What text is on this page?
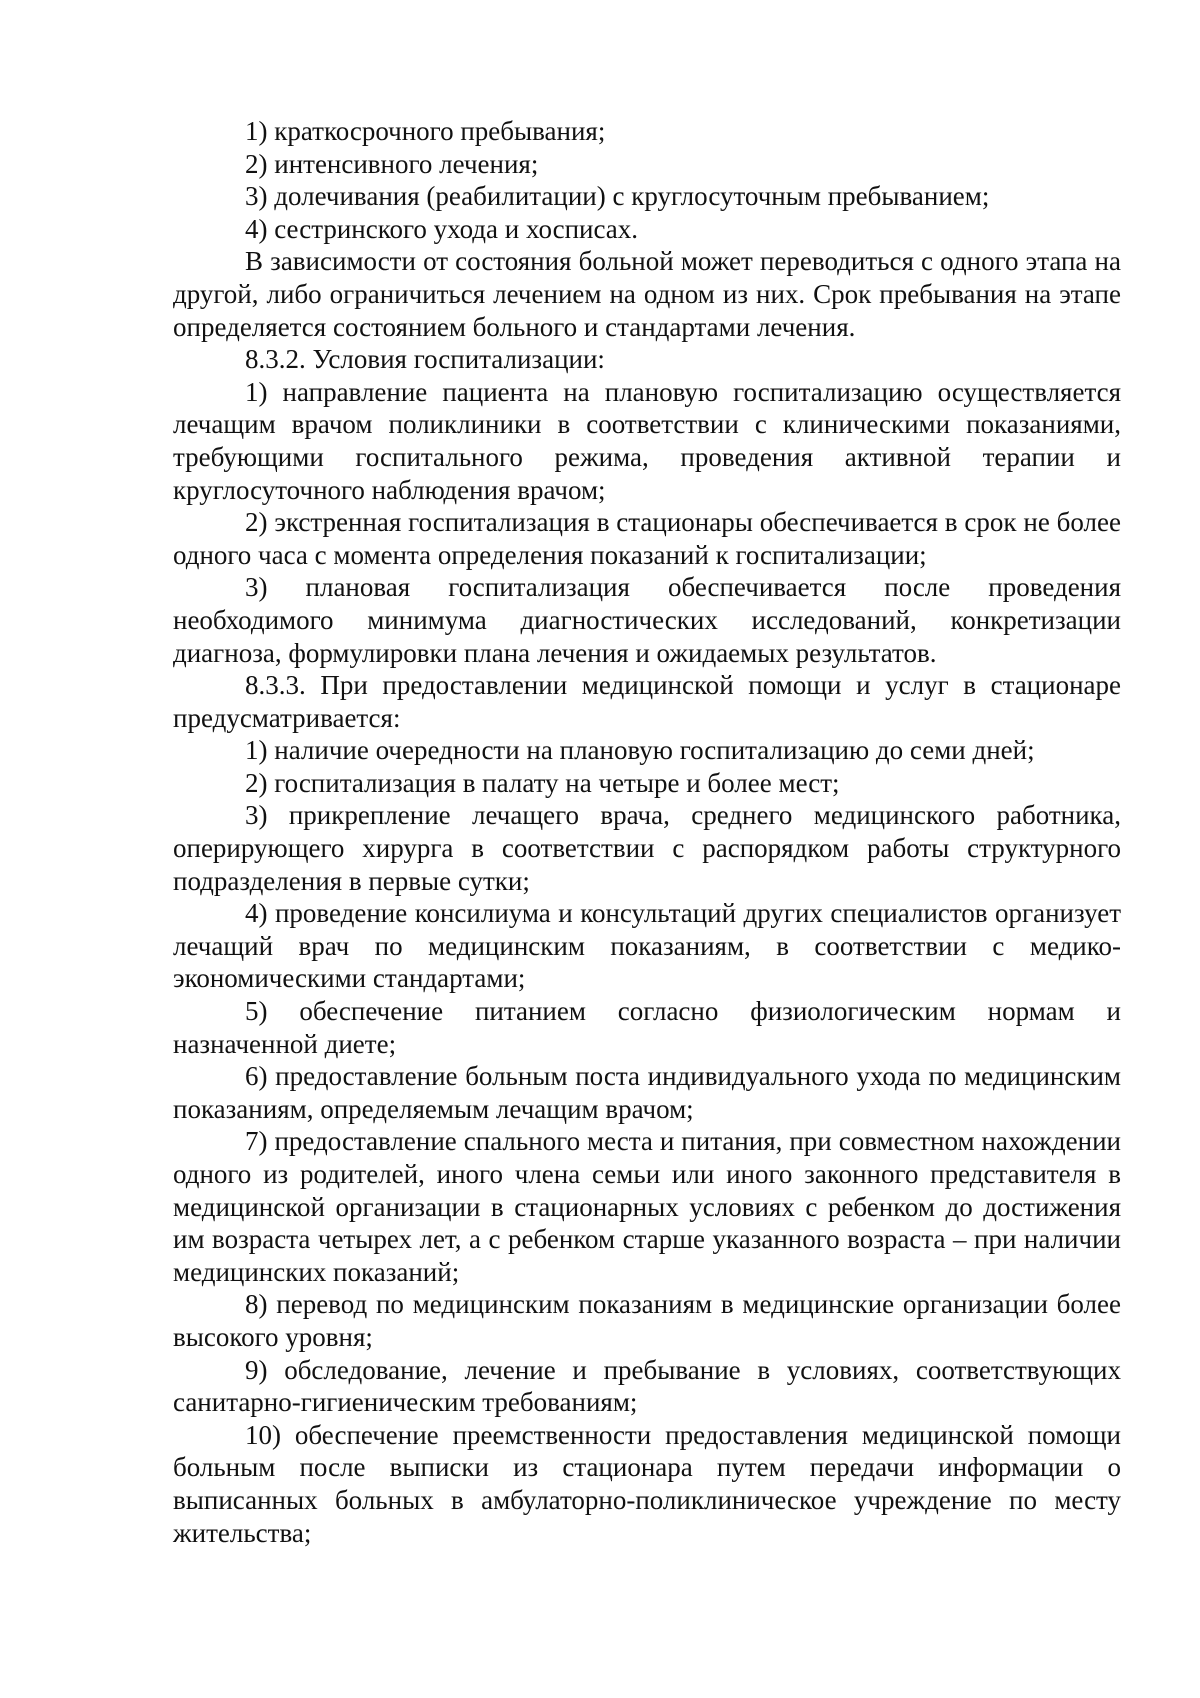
1) краткосрочного пребывания;

2) интенсивного лечения;

3) долечивания (реабилитации) с круглосуточным пребыванием;

4) сестринского ухода и хосписах.

В зависимости от состояния больной может переводиться с одного этапа на другой, либо ограничиться лечением на одном из них. Срок пребывания на этапе определяется состоянием больного и стандартами лечения.

8.3.2. Условия госпитализации:

1) направление пациента на плановую госпитализацию осуществляется лечащим врачом поликлиники в соответствии с клиническими показаниями, требующими госпитального режима, проведения активной терапии и круглосуточного наблюдения врачом;

2) экстренная госпитализация в стационары обеспечивается в срок не более одного часа с момента определения показаний к госпитализации;

3) плановая госпитализация обеспечивается после проведения необходимого минимума диагностических исследований, конкретизации диагноза, формулировки плана лечения и ожидаемых результатов.

8.3.3. При предоставлении медицинской помощи и услуг в стационаре предусматривается:

1) наличие очередности на плановую госпитализацию до семи дней;

2) госпитализация в палату на четыре и более мест;

3) прикрепление лечащего врача, среднего медицинского работника, оперирующего хирурга в соответствии с распорядком работы структурного подразделения в первые сутки;

4) проведение консилиума и консультаций других специалистов организует лечащий врач по медицинским показаниям, в соответствии с медико-экономическими стандартами;

5) обеспечение питанием согласно физиологическим нормам и назначенной диете;

6) предоставление больным поста индивидуального ухода по медицинским показаниям, определяемым лечащим врачом;

7) предоставление спального места и питания, при совместном нахождении одного из родителей, иного члена семьи или иного законного представителя в медицинской организации в стационарных условиях с ребенком до достижения им возраста четырех лет, а с ребенком старше указанного возраста – при наличии медицинских показаний;

8) перевод по медицинским показаниям в медицинские организации более высокого уровня;

9) обследование, лечение и пребывание в условиях, соответствующих санитарно-гигиеническим требованиям;

10) обеспечение преемственности предоставления медицинской помощи больным после выписки из стационара путем передачи информации о выписанных больных в амбулаторно-поликлиническое учреждение по месту жительства;
